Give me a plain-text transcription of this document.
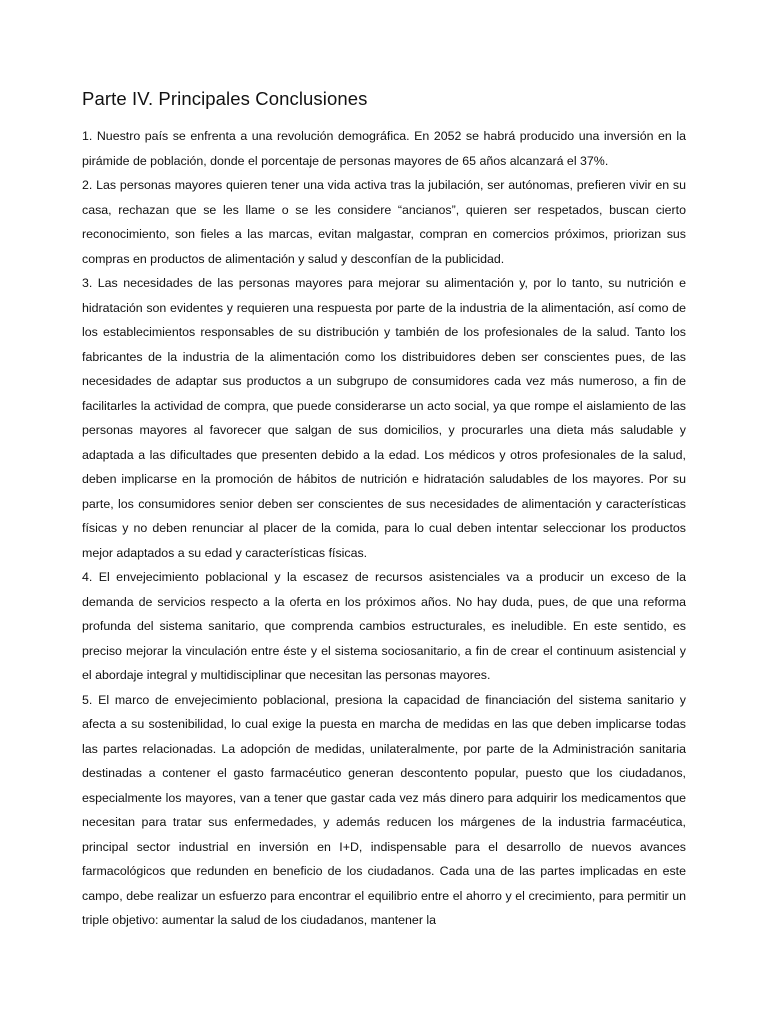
Parte IV. Principales Conclusiones

1. Nuestro país se enfrenta a una revolución demográfica. En 2052 se habrá producido una inversión en la pirámide de población, donde el porcentaje de personas mayores de 65 años alcanzará el 37%.

2. Las personas mayores quieren tener una vida activa tras la jubilación, ser autónomas, prefieren vivir en su casa, rechazan que se les llame o se les considere “ancianos”, quieren ser respetados, buscan cierto reconocimiento, son fieles a las marcas, evitan malgastar, compran en comercios próximos, priorizan sus compras en productos de alimentación y salud y desconfían de la publicidad.

3. Las necesidades de las personas mayores para mejorar su alimentación y, por lo tanto, su nutrición e hidratación son evidentes y requieren una respuesta por parte de la industria de la alimentación, así como de los establecimientos responsables de su distribución y también de los profesionales de la salud. Tanto los fabricantes de la industria de la alimentación como los distribuidores deben ser conscientes pues, de las necesidades de adaptar sus productos a un subgrupo de consumidores cada vez más numeroso, a fin de facilitarles la actividad de compra, que puede considerarse un acto social, ya que rompe el aislamiento de las personas mayores al favorecer que salgan de sus domicilios, y procurarles una dieta más saludable y adaptada a las dificultades que presenten debido a la edad. Los médicos y otros profesionales de la salud, deben implicarse en la promoción de hábitos de nutrición e hidratación saludables de los mayores. Por su parte, los consumidores senior deben ser conscientes de sus necesidades de alimentación y características físicas y no deben renunciar al placer de la comida, para lo cual deben intentar seleccionar los productos mejor adaptados a su edad y características físicas.

4. El envejecimiento poblacional y la escasez de recursos asistenciales va a producir un exceso de la demanda de servicios respecto a la oferta en los próximos años. No hay duda, pues, de que una reforma profunda del sistema sanitario, que comprenda cambios estructurales, es ineludible. En este sentido, es preciso mejorar la vinculación entre éste y el sistema sociosanitario, a fin de crear el continuum asistencial y el abordaje integral y multidisciplinar que necesitan las personas mayores.

5. El marco de envejecimiento poblacional, presiona la capacidad de financiación del sistema sanitario y afecta a su sostenibilidad, lo cual exige la puesta en marcha de medidas en las que deben implicarse todas las partes relacionadas. La adopción de medidas, unilateralmente, por parte de la Administración sanitaria destinadas a contener el gasto farmacéutico generan descontento popular, puesto que los ciudadanos, especialmente los mayores, van a tener que gastar cada vez más dinero para adquirir los medicamentos que necesitan para tratar sus enfermedades, y además reducen los márgenes de la industria farmacéutica, principal sector industrial en inversión en I+D, indispensable para el desarrollo de nuevos avances farmacológicos que redunden en beneficio de los ciudadanos. Cada una de las partes implicadas en este campo, debe realizar un esfuerzo para encontrar el equilibrio entre el ahorro y el crecimiento, para permitir un triple objetivo: aumentar la salud de los ciudadanos, mantener la
